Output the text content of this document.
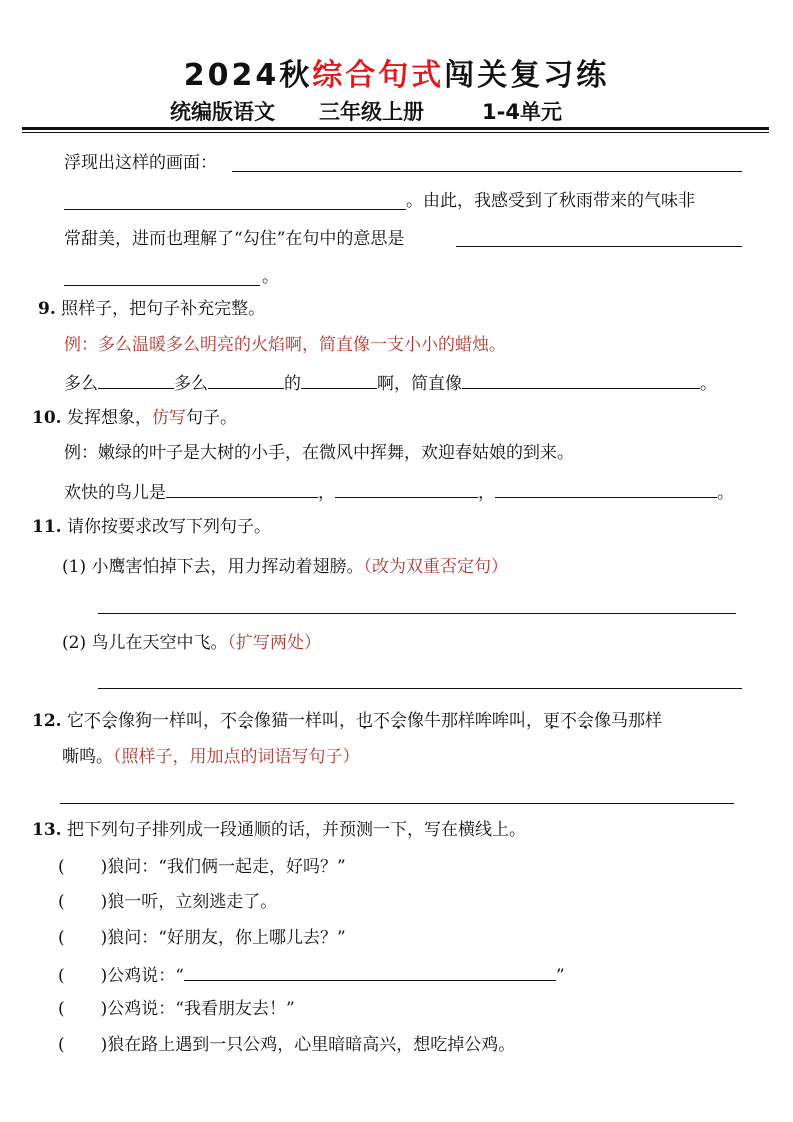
2024秋综合句式闯关复习练
统编版语文 三年级上册	1-4单元
浮现出这样的画面：
。由此，我感受到了秋雨带来的气味非
常甜美，进而也理解了“勾住”在句中的意思是
。
9. 照样子，把句子补充完整。
例：多么温暖多么明亮的火焰啊，简直像一支小小的蜡烛。
多么	多么	的	啊，简直像	。
10. 发挥想象，仿写句子。
例：嫩绿的叶子是大树的小手，在微风中挥舞，欢迎春姑娘的到来。
欢快的鸟儿是	，	，	。
11. 请你按要求改写下列句子。
(1) 小鹰害怕掉下去，用力挥动着翅膀。（改为双重否定句）
(2) 鸟儿在天空中飞。（扩写两处）
12. 它不会像狗一样叫，不会像猫一样叫，也不会像牛那样哞哞叫，更不会像马那样
嘶鸣。（照样子，用加点的词语写句子）
13. 把下列句子排列成一段通顺的话，并预测一下，写在横线上。
( )狼问：“我们俩一起走，好吗？”
( )狼一听，立刻逃走了。
( )狼问：“好朋友，你上哪儿去？”
( )公鸡说：“	”
( )公鸡说：“我看朋友去！”
( )狼在路上遇到一只公鸡，心里暗暗高兴，想吃掉公鸡。
